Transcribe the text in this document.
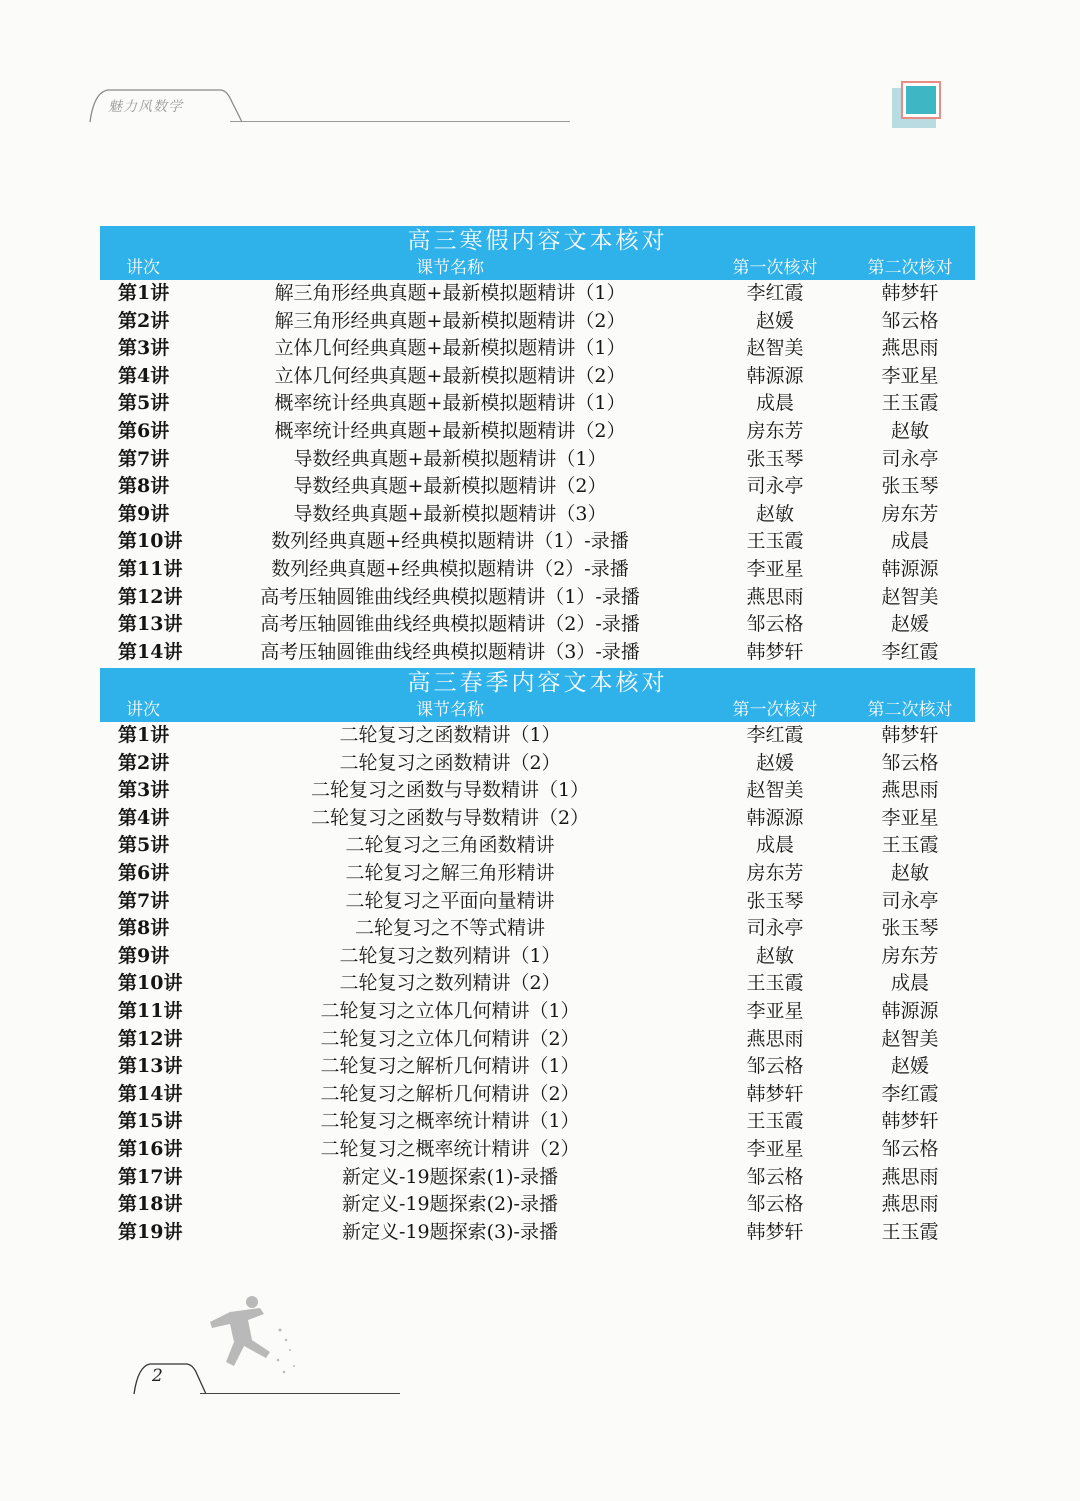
魅力风数学
高三寒假内容文本核对
讲次	课节名称	第一次核对	第二次核对
第1讲	解三角形经典真题+最新模拟题精讲（1）	李红霞	韩梦轩
第2讲	解三角形经典真题+最新模拟题精讲（2）	赵媛	邹云格
第3讲	立体几何经典真题+最新模拟题精讲（1）	赵智美	燕思雨
第4讲	立体几何经典真题+最新模拟题精讲（2）	韩源源	李亚星
第5讲	概率统计经典真题+最新模拟题精讲（1）	成晨	王玉霞
第6讲	概率统计经典真题+最新模拟题精讲（2）	房东芳	赵敏
第7讲	导数经典真题+最新模拟题精讲（1）	张玉琴	司永亭
第8讲	导数经典真题+最新模拟题精讲（2）	司永亭	张玉琴
第9讲	导数经典真题+最新模拟题精讲（3）	赵敏	房东芳
第10讲	数列经典真题+经典模拟题精讲（1）-录播	王玉霞	成晨
第11讲	数列经典真题+经典模拟题精讲（2）-录播	李亚星	韩源源
第12讲	高考压轴圆锥曲线经典模拟题精讲（1）-录播	燕思雨	赵智美
第13讲	高考压轴圆锥曲线经典模拟题精讲（2）-录播	邹云格	赵媛
第14讲	高考压轴圆锥曲线经典模拟题精讲（3）-录播	韩梦轩	李红霞
高三春季内容文本核对
讲次	课节名称	第一次核对	第二次核对
第1讲	二轮复习之函数精讲（1）	李红霞	韩梦轩
第2讲	二轮复习之函数精讲（2）	赵媛	邹云格
第3讲	二轮复习之函数与导数精讲（1）	赵智美	燕思雨
第4讲	二轮复习之函数与导数精讲（2）	韩源源	李亚星
第5讲	二轮复习之三角函数精讲	成晨	王玉霞
第6讲	二轮复习之解三角形精讲	房东芳	赵敏
第7讲	二轮复习之平面向量精讲	张玉琴	司永亭
第8讲	二轮复习之不等式精讲	司永亭	张玉琴
第9讲	二轮复习之数列精讲（1）	赵敏	房东芳
第10讲	二轮复习之数列精讲（2）	王玉霞	成晨
第11讲	二轮复习之立体几何精讲（1）	李亚星	韩源源
第12讲	二轮复习之立体几何精讲（2）	燕思雨	赵智美
第13讲	二轮复习之解析几何精讲（1）	邹云格	赵媛
第14讲	二轮复习之解析几何精讲（2）	韩梦轩	李红霞
第15讲	二轮复习之概率统计精讲（1）	王玉霞	韩梦轩
第16讲	二轮复习之概率统计精讲（2）	李亚星	邹云格
第17讲	新定义-19题探索(1)-录播	邹云格	燕思雨
第18讲	新定义-19题探索(2)-录播	邹云格	燕思雨
第19讲	新定义-19题探索(3)-录播	韩梦轩	王玉霞
2
